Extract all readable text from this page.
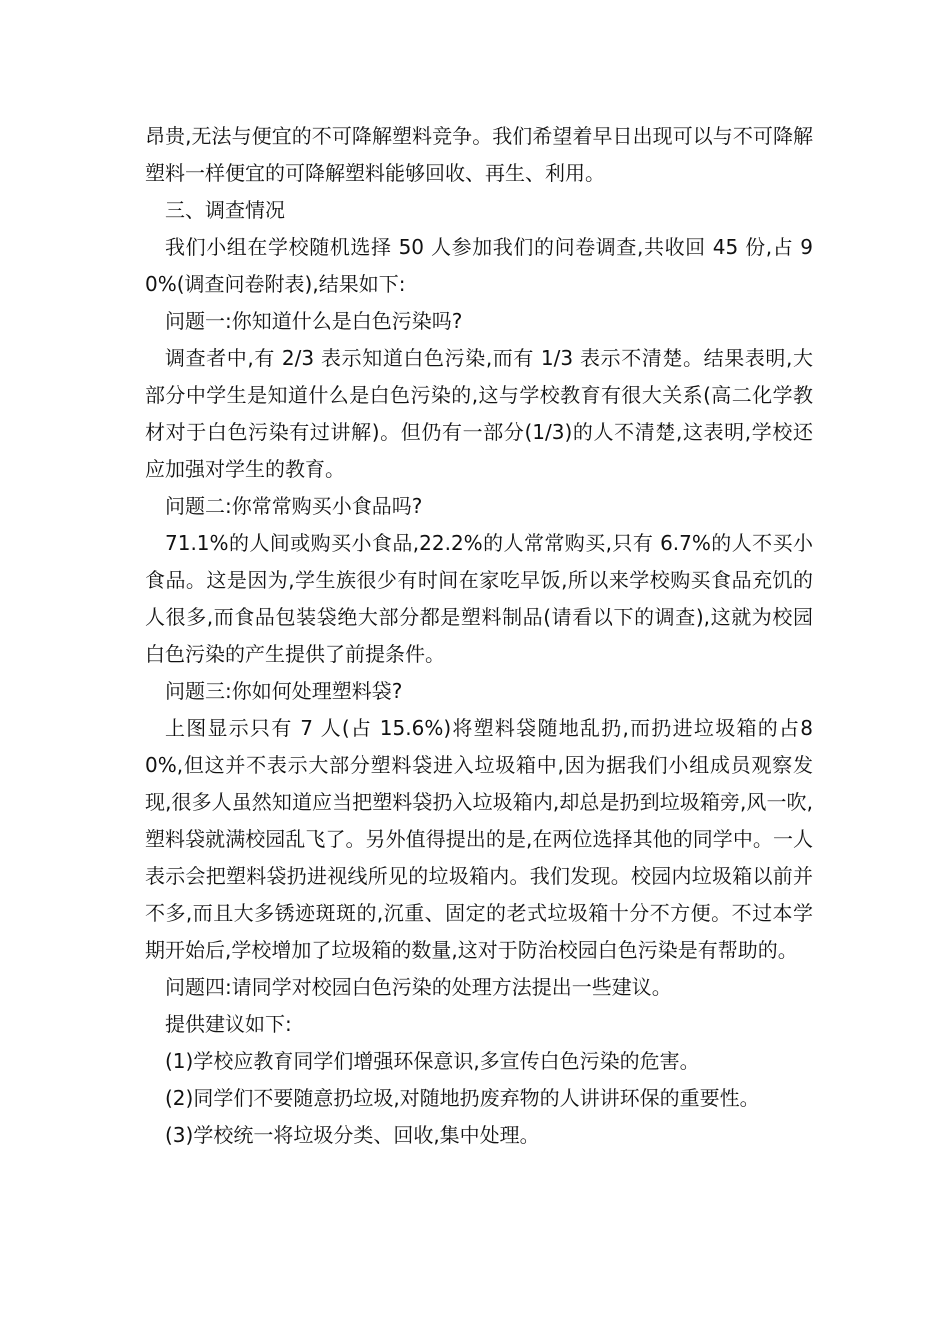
昂贵,无法与便宜的不可降解塑料竞争。我们希望着早日出现可以与不可降解塑料一样便宜的可降解塑料能够回收、再生、利用。

三、调查情况

我们小组在学校随机选择 50 人参加我们的问卷调查,共收回 45 份,占 90%(调查问卷附表),结果如下:

问题一:你知道什么是白色污染吗?

调查者中,有 2/3 表示知道白色污染,而有 1/3 表示不清楚。结果表明,大部分中学生是知道什么是白色污染的,这与学校教育有很大关系(高二化学教材对于白色污染有过讲解)。但仍有一部分(1/3)的人不清楚,这表明,学校还应加强对学生的教育。

问题二:你常常购买小食品吗?

71.1%的人间或购买小食品,22.2%的人常常购买,只有 6.7%的人不买小食品。这是因为,学生族很少有时间在家吃早饭,所以来学校购买食品充饥的人很多,而食品包装袋绝大部分都是塑料制品(请看以下的调查),这就为校园白色污染的产生提供了前提条件。

问题三:你如何处理塑料袋?

上图显示只有 7 人(占 15.6%)将塑料袋随地乱扔,而扔进垃圾箱的占80%,但这并不表示大部分塑料袋进入垃圾箱中,因为据我们小组成员观察发现,很多人虽然知道应当把塑料袋扔入垃圾箱内,却总是扔到垃圾箱旁,风一吹,塑料袋就满校园乱飞了。另外值得提出的是,在两位选择其他的同学中。一人表示会把塑料袋扔进视线所见的垃圾箱内。我们发现。校园内垃圾箱以前并不多,而且大多锈迹斑斑的,沉重、固定的老式垃圾箱十分不方便。不过本学期开始后,学校增加了垃圾箱的数量,这对于防治校园白色污染是有帮助的。

问题四:请同学对校园白色污染的处理方法提出一些建议。

提供建议如下:

(1)学校应教育同学们增强环保意识,多宣传白色污染的危害。

(2)同学们不要随意扔垃圾,对随地扔废弃物的人讲讲环保的重要性。

(3)学校统一将垃圾分类、回收,集中处理。
